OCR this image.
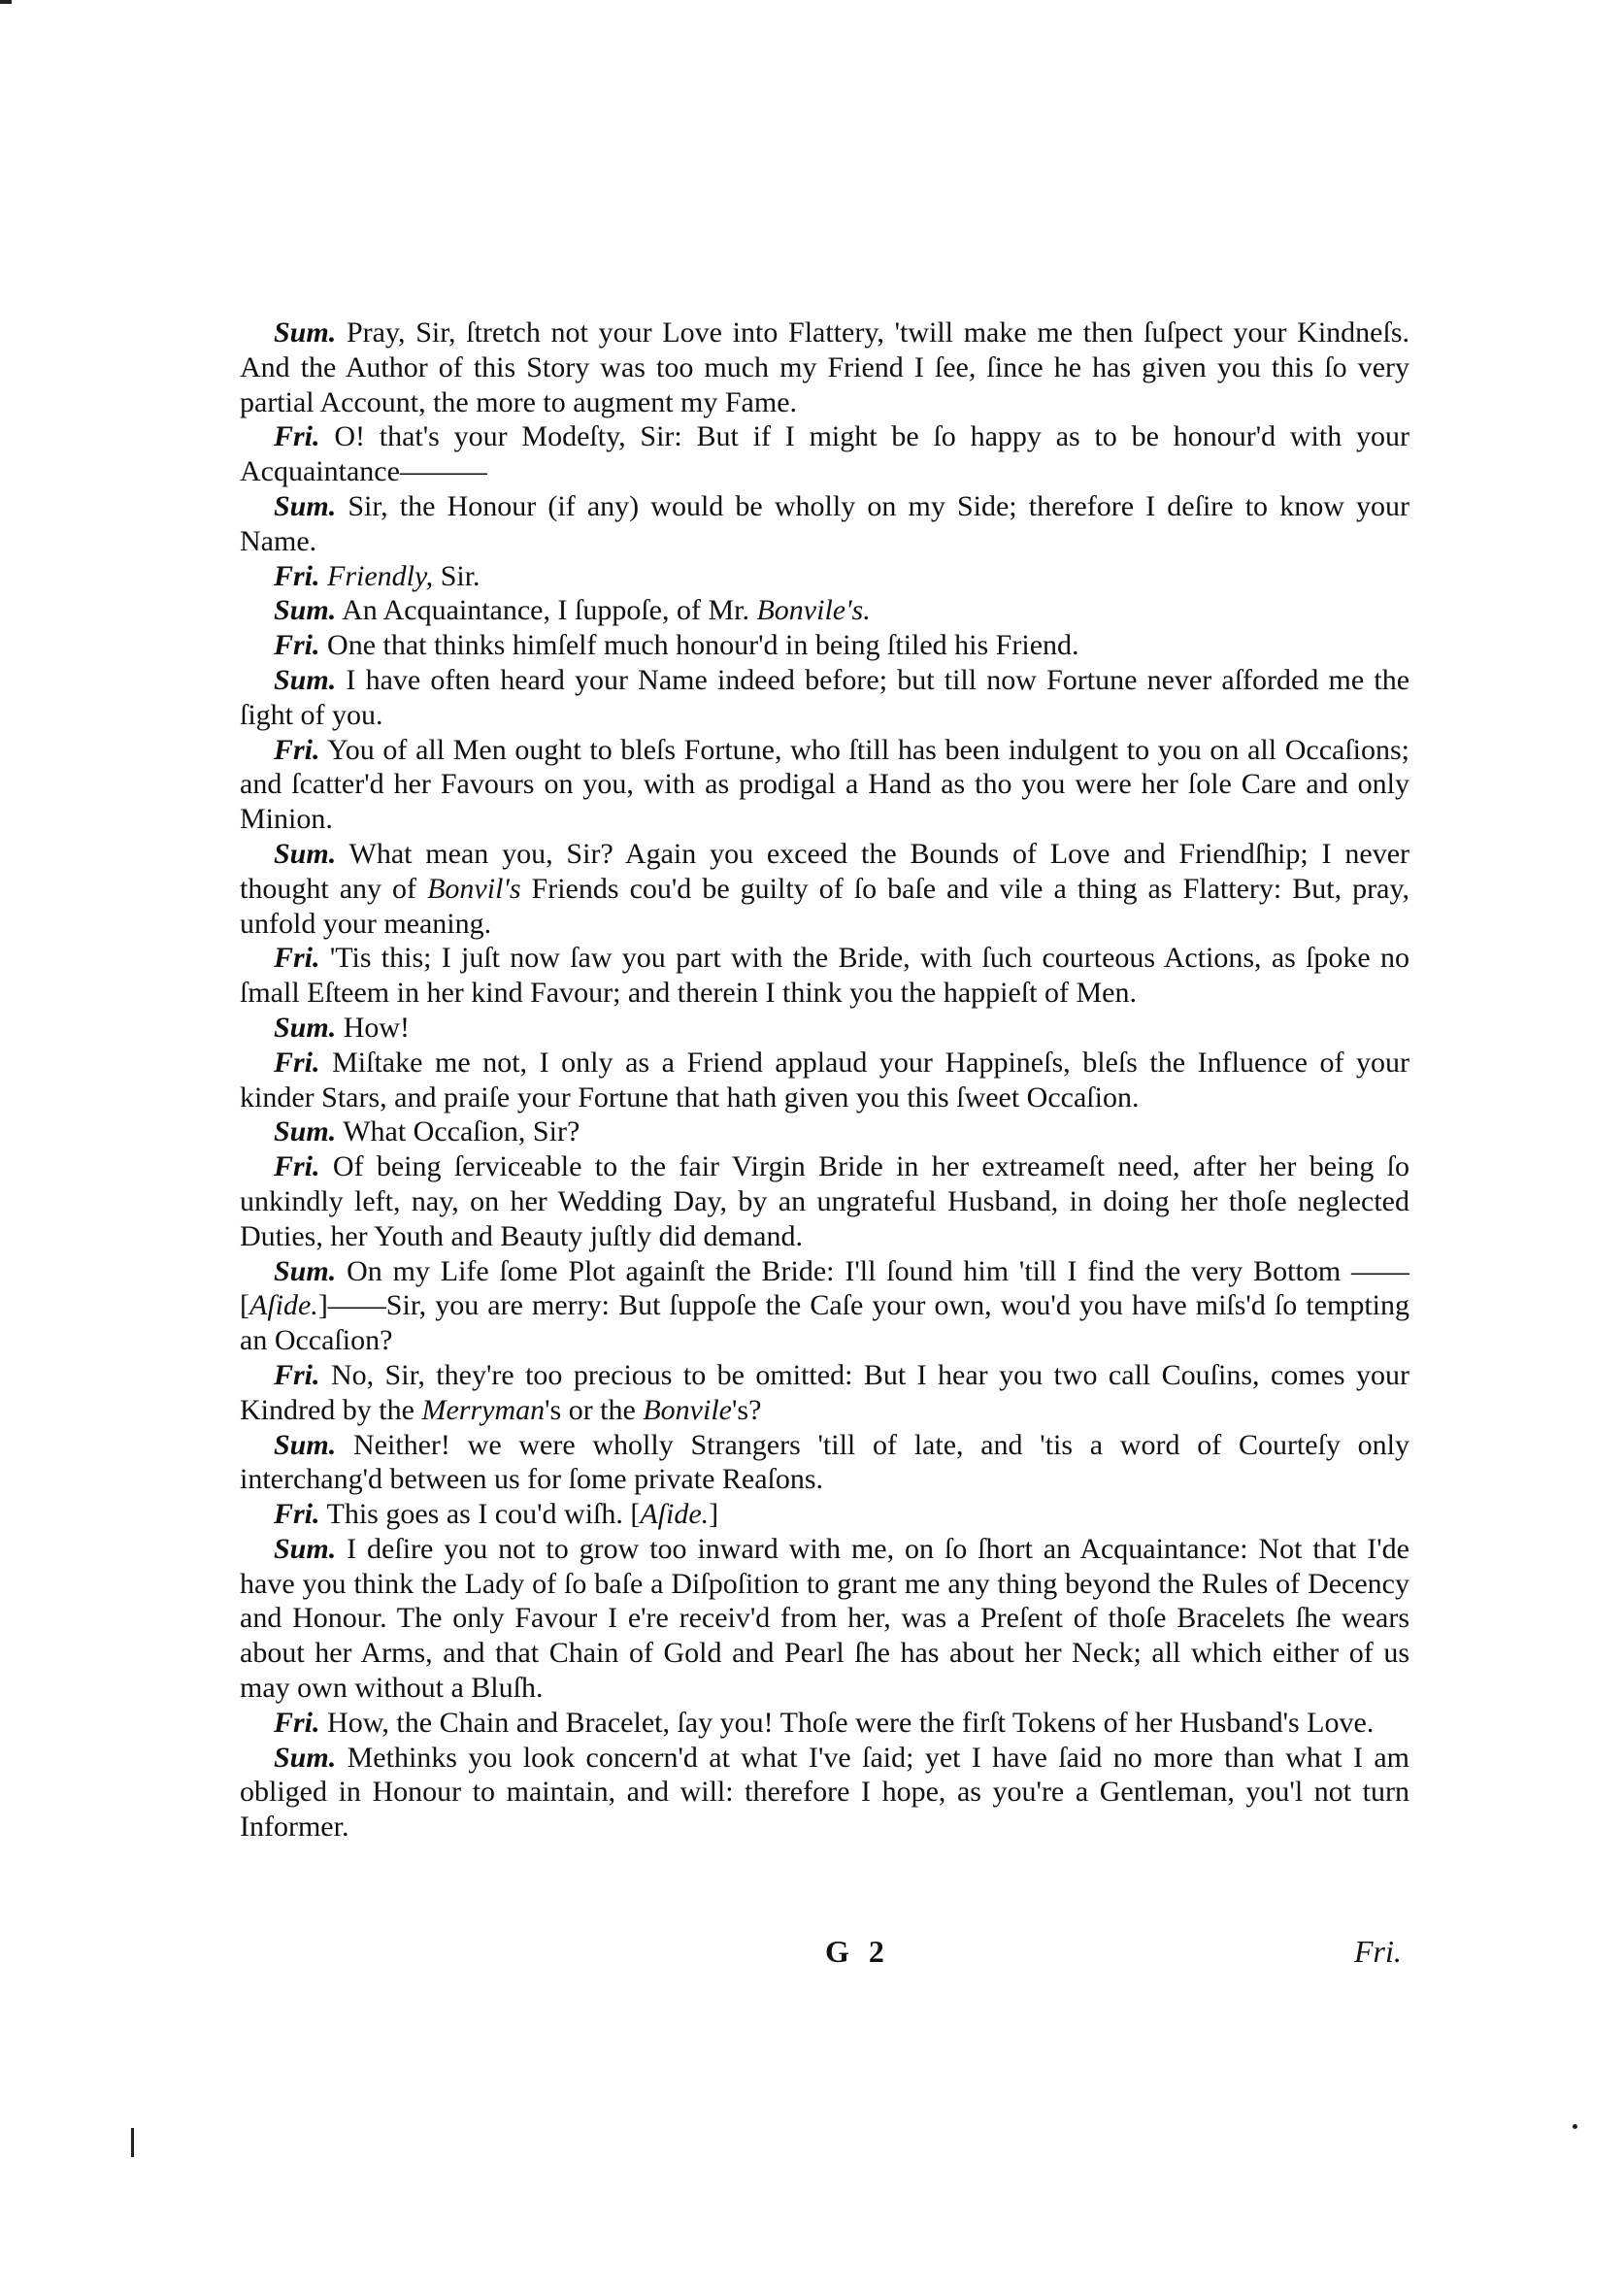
Sum. Pray, Sir, ſtretch not your Love into Flattery, 'twill make me then ſuſpect your Kindneſs. And the Author of this Story was too much my Friend I ſee, ſince he has given you this ſo very partial Account, the more to augment my Fame.

Fri. O! that's your Modeſty, Sir: But if I might be ſo happy as to be honour'd with your Acquaintance———

Sum. Sir, the Honour (if any) would be wholly on my Side; therefore I deſire to know your Name.

Fri. Friendly, Sir.

Sum. An Acquaintance, I ſuppoſe, of Mr. Bonvile's.

Fri. One that thinks himſelf much honour'd in being ſtiled his Friend.

Sum. I have often heard your Name indeed before; but till now Fortune never aſforded me the ſight of you.

Fri. You of all Men ought to bleſs Fortune, who ſtill has been indulgent to you on all Occaſions; and ſcatter'd her Favours on you, with as prodigal a Hand as tho you were her ſole Care and only Minion.

Sum. What mean you, Sir? Again you exceed the Bounds of Love and Friendſhip; I never thought any of Bonvil's Friends cou'd be guilty of ſo baſe and vile a thing as Flattery: But, pray, unfold your meaning.

Fri. 'Tis this; I juſt now ſaw you part with the Bride, with ſuch courteous Actions, as ſpoke no ſmall Eſteem in her kind Favour; and therein I think you the happieſt of Men.

Sum. How!

Fri. Miſtake me not, I only as a Friend applaud your Happineſs, bleſs the Influence of your kinder Stars, and praiſe your Fortune that hath given you this ſweet Occaſion.

Sum. What Occaſion, Sir?

Fri. Of being ſerviceable to the fair Virgin Bride in her extreameſt need, after her being ſo unkindly left, nay, on her Wedding Day, by an ungrateful Husband, in doing her thoſe neglected Duties, her Youth and Beauty juſtly did demand.

Sum. On my Life ſome Plot againſt the Bride: I'll ſound him 'till I find the very Bottom —— [Aſide.]——Sir, you are merry: But ſuppoſe the Caſe your own, wou'd you have miſs'd ſo tempting an Occaſion?

Fri. No, Sir, they're too precious to be omitted: But I hear you two call Couſins, comes your Kindred by the Merryman's or the Bonvile's?

Sum. Neither! we were wholly Strangers 'till of late, and 'tis a word of Courteſy only interchang'd between us for ſome private Reaſons.

Fri. This goes as I cou'd wiſh. [Aſide.]

Sum. I deſire you not to grow too inward with me, on ſo ſhort an Acquaintance: Not that I'de have you think the Lady of ſo baſe a Diſpoſition to grant me any thing beyond the Rules of Decency and Honour. The only Favour I e're receiv'd from her, was a Preſent of thoſe Bracelets ſhe wears about her Arms, and that Chain of Gold and Pearl ſhe has about her Neck; all which either of us may own without a Bluſh.

Fri. How, the Chain and Bracelet, ſay you! Thoſe were the firſt Tokens of her Husband's Love.

Sum. Methinks you look concern'd at what I've ſaid; yet I have ſaid no more than what I am obliged in Honour to maintain, and will: therefore I hope, as you're a Gentleman, you'l not turn Informer.

G 2	Fri.
